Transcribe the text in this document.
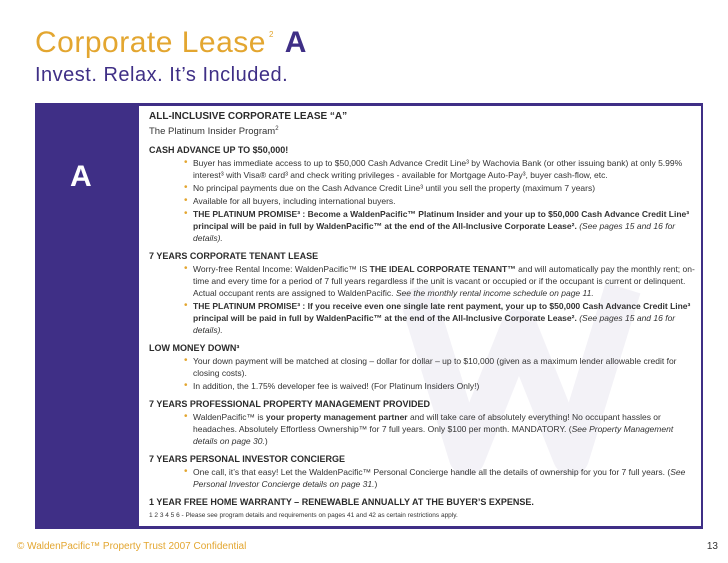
Corporate Lease $^2$ A
Invest. Relax. It’s Included.
A
ALL-INCLUSIVE CORPORATE LEASE “A”
The Platinum Insider Program$^2$
CASH ADVANCE UP TO $50,000!
• Buyer has immediate access to up to $50,000 Cash Advance Credit Line³ by Wachovia Bank (or other issuing bank) at only 5.99% interest³ with Visa® card³ and check writing privileges - available for Mortgage Auto-Pay³, buyer cash-flow, etc.
• No principal payments due on the Cash Advance Credit Line³ until you sell the property (maximum 7 years)
• Available for all buyers, including international buyers.
• THE PLATINUM PROMISE³ : Become a WaldenPacific™ Platinum Insider and your up to $50,000 Cash Advance Credit Line³ principal will be paid in full by WaldenPacific™ at the end of the All-Inclusive Corporate Lease². (See pages 15 and 16 for details).
7 YEARS CORPORATE TENANT LEASE
• Worry-free Rental Income: WaldenPacific™ IS THE IDEAL CORPORATE TENANT™ and will automatically pay the monthly rent; on-time and every time for a period of 7 full years regardless if the unit is vacant or occupied or if the occupant is current or delinquent. Actual occupant rents are assigned to WaldenPacific. See the monthly rental income schedule on page 11.
• THE PLATINUM PROMISE³ : If you receive even one single late rent payment, your up to $50,000 Cash Advance Credit Line³ principal will be paid in full by WaldenPacific™ at the end of the All-Inclusive Corporate Lease². (See pages 15 and 16 for details).
LOW MONEY DOWN³
• Your down payment will be matched at closing – dollar for dollar – up to $10,000 (given as a maximum lender allowable credit for closing costs).
• In addition, the 1.75% developer fee is waived! (For Platinum Insiders Only!)
7 YEARS PROFESSIONAL PROPERTY MANAGEMENT PROVIDED
• WaldenPacific™ is your property management partner and will take care of absolutely everything! No occupant hassles or headaches. Absolutely Effortless Ownership™ for 7 full years. Only $100 per month. MANDATORY. (See Property Management details on page 30.)
7 YEARS PERSONAL INVESTOR CONCIERGE
• One call, it’s that easy! Let the WaldenPacific™ Personal Concierge handle all the details of ownership for you for 7 full years. (See Personal Investor Concierge details on page 31.)
1 YEAR FREE HOME WARRANTY – RENEWABLE ANNUALLY AT THE BUYER’S EXPENSE.
1 2 3 4 5 6 - Please see program details and requirements on pages 41 and 42 as certain restrictions apply.
© WaldenPacific™ Property Trust 2007 Confidential	13
